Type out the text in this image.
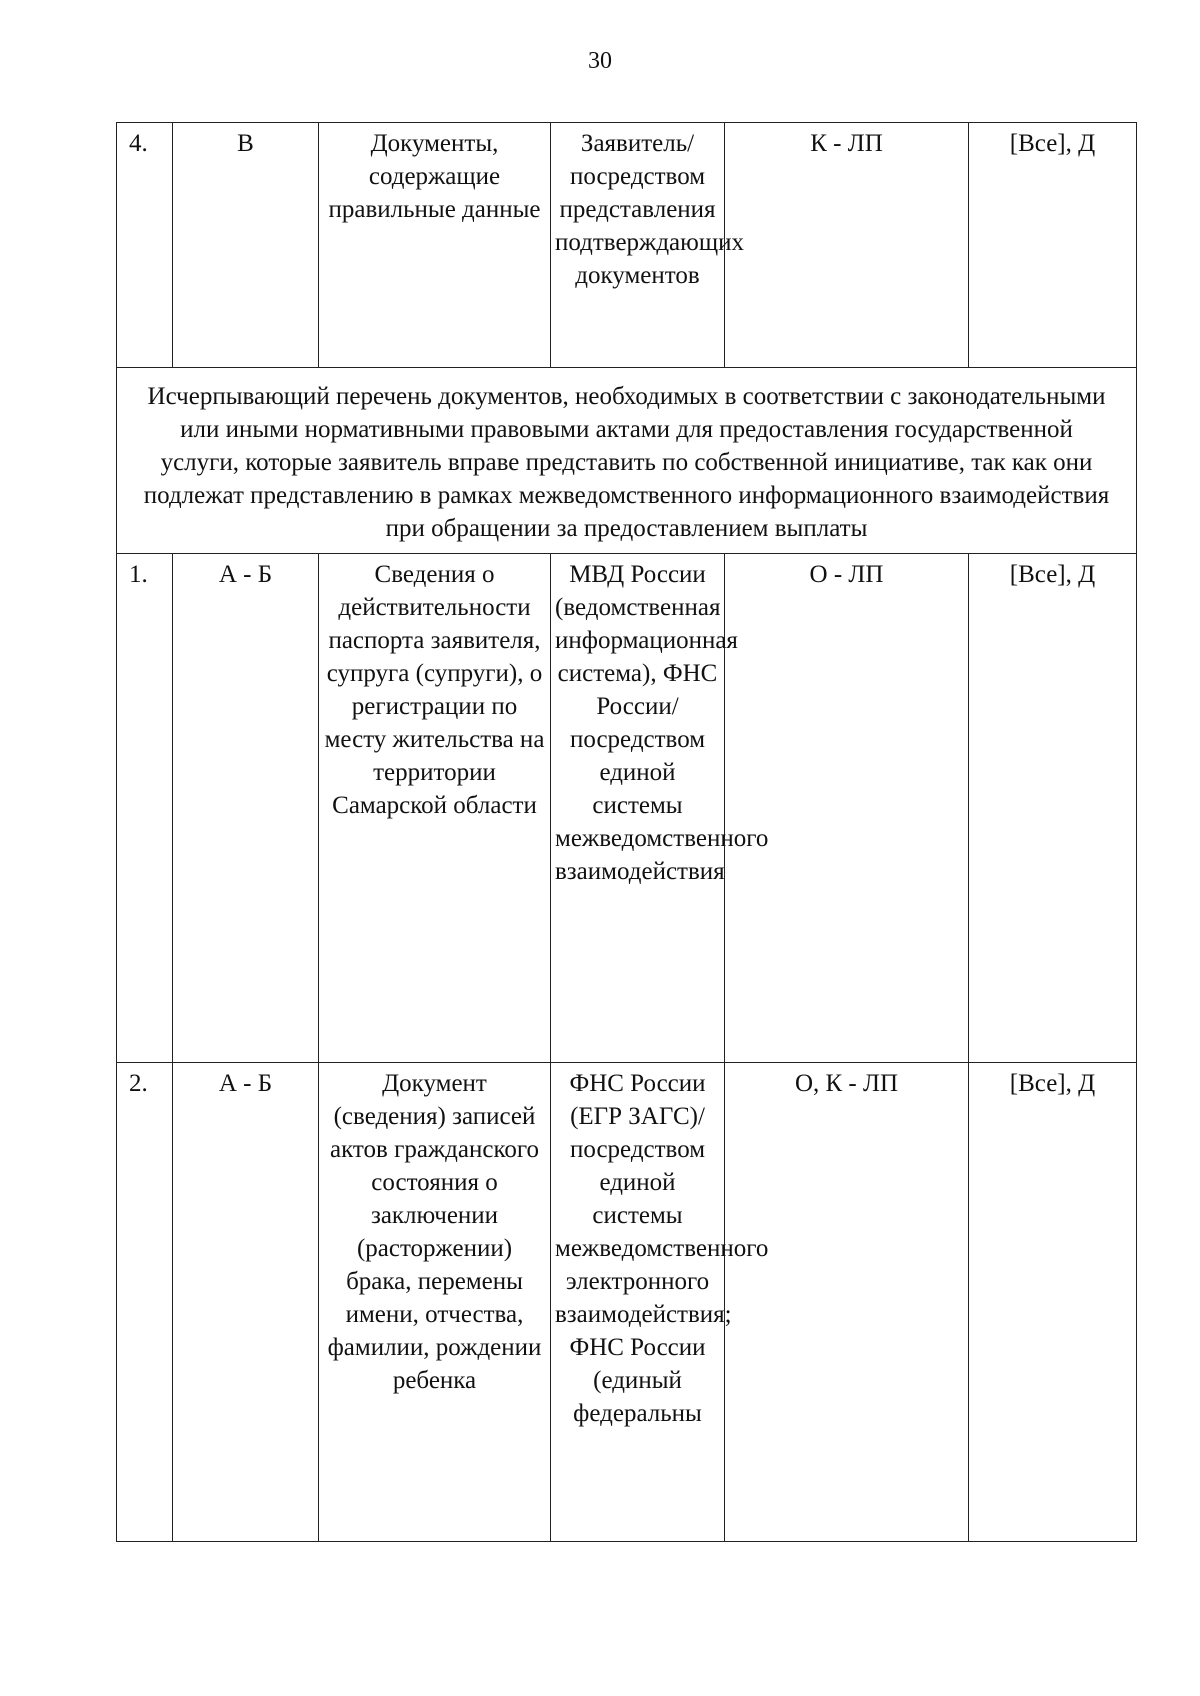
30
4.	В	Документы, содержащие правильные данные	Заявитель/посредством представления подтверждающих документов	К - ЛП	[Все], Д
Исчерпывающий перечень документов, необходимых в соответствии с законодательными или иными нормативными правовыми актами для предоставления государственной услуги, которые заявитель вправе представить по собственной инициативе, так как они подлежат представлению в рамках межведомственного информационного взаимодействия при обращении за предоставлением выплаты					
1.	А - Б	Сведения о действительности паспорта заявителя, супруга (супруги), о регистрации по месту жительства на территории Самарской области	МВД России (ведомственная информационная система), ФНС России/ посредством единой системы межведомственного взаимодействия	О - ЛП	[Все], Д
2.	А - Б	Документ (сведения) записей актов гражданского состояния о заключении (расторжении) брака, перемены имени, отчества, фамилии, рождении ребенка	ФНС России (ЕГР ЗАГС)/ посредством единой системы межведомственного электронного взаимодействия; ФНС России (единый федеральны	О, К - ЛП	[Все], Д
